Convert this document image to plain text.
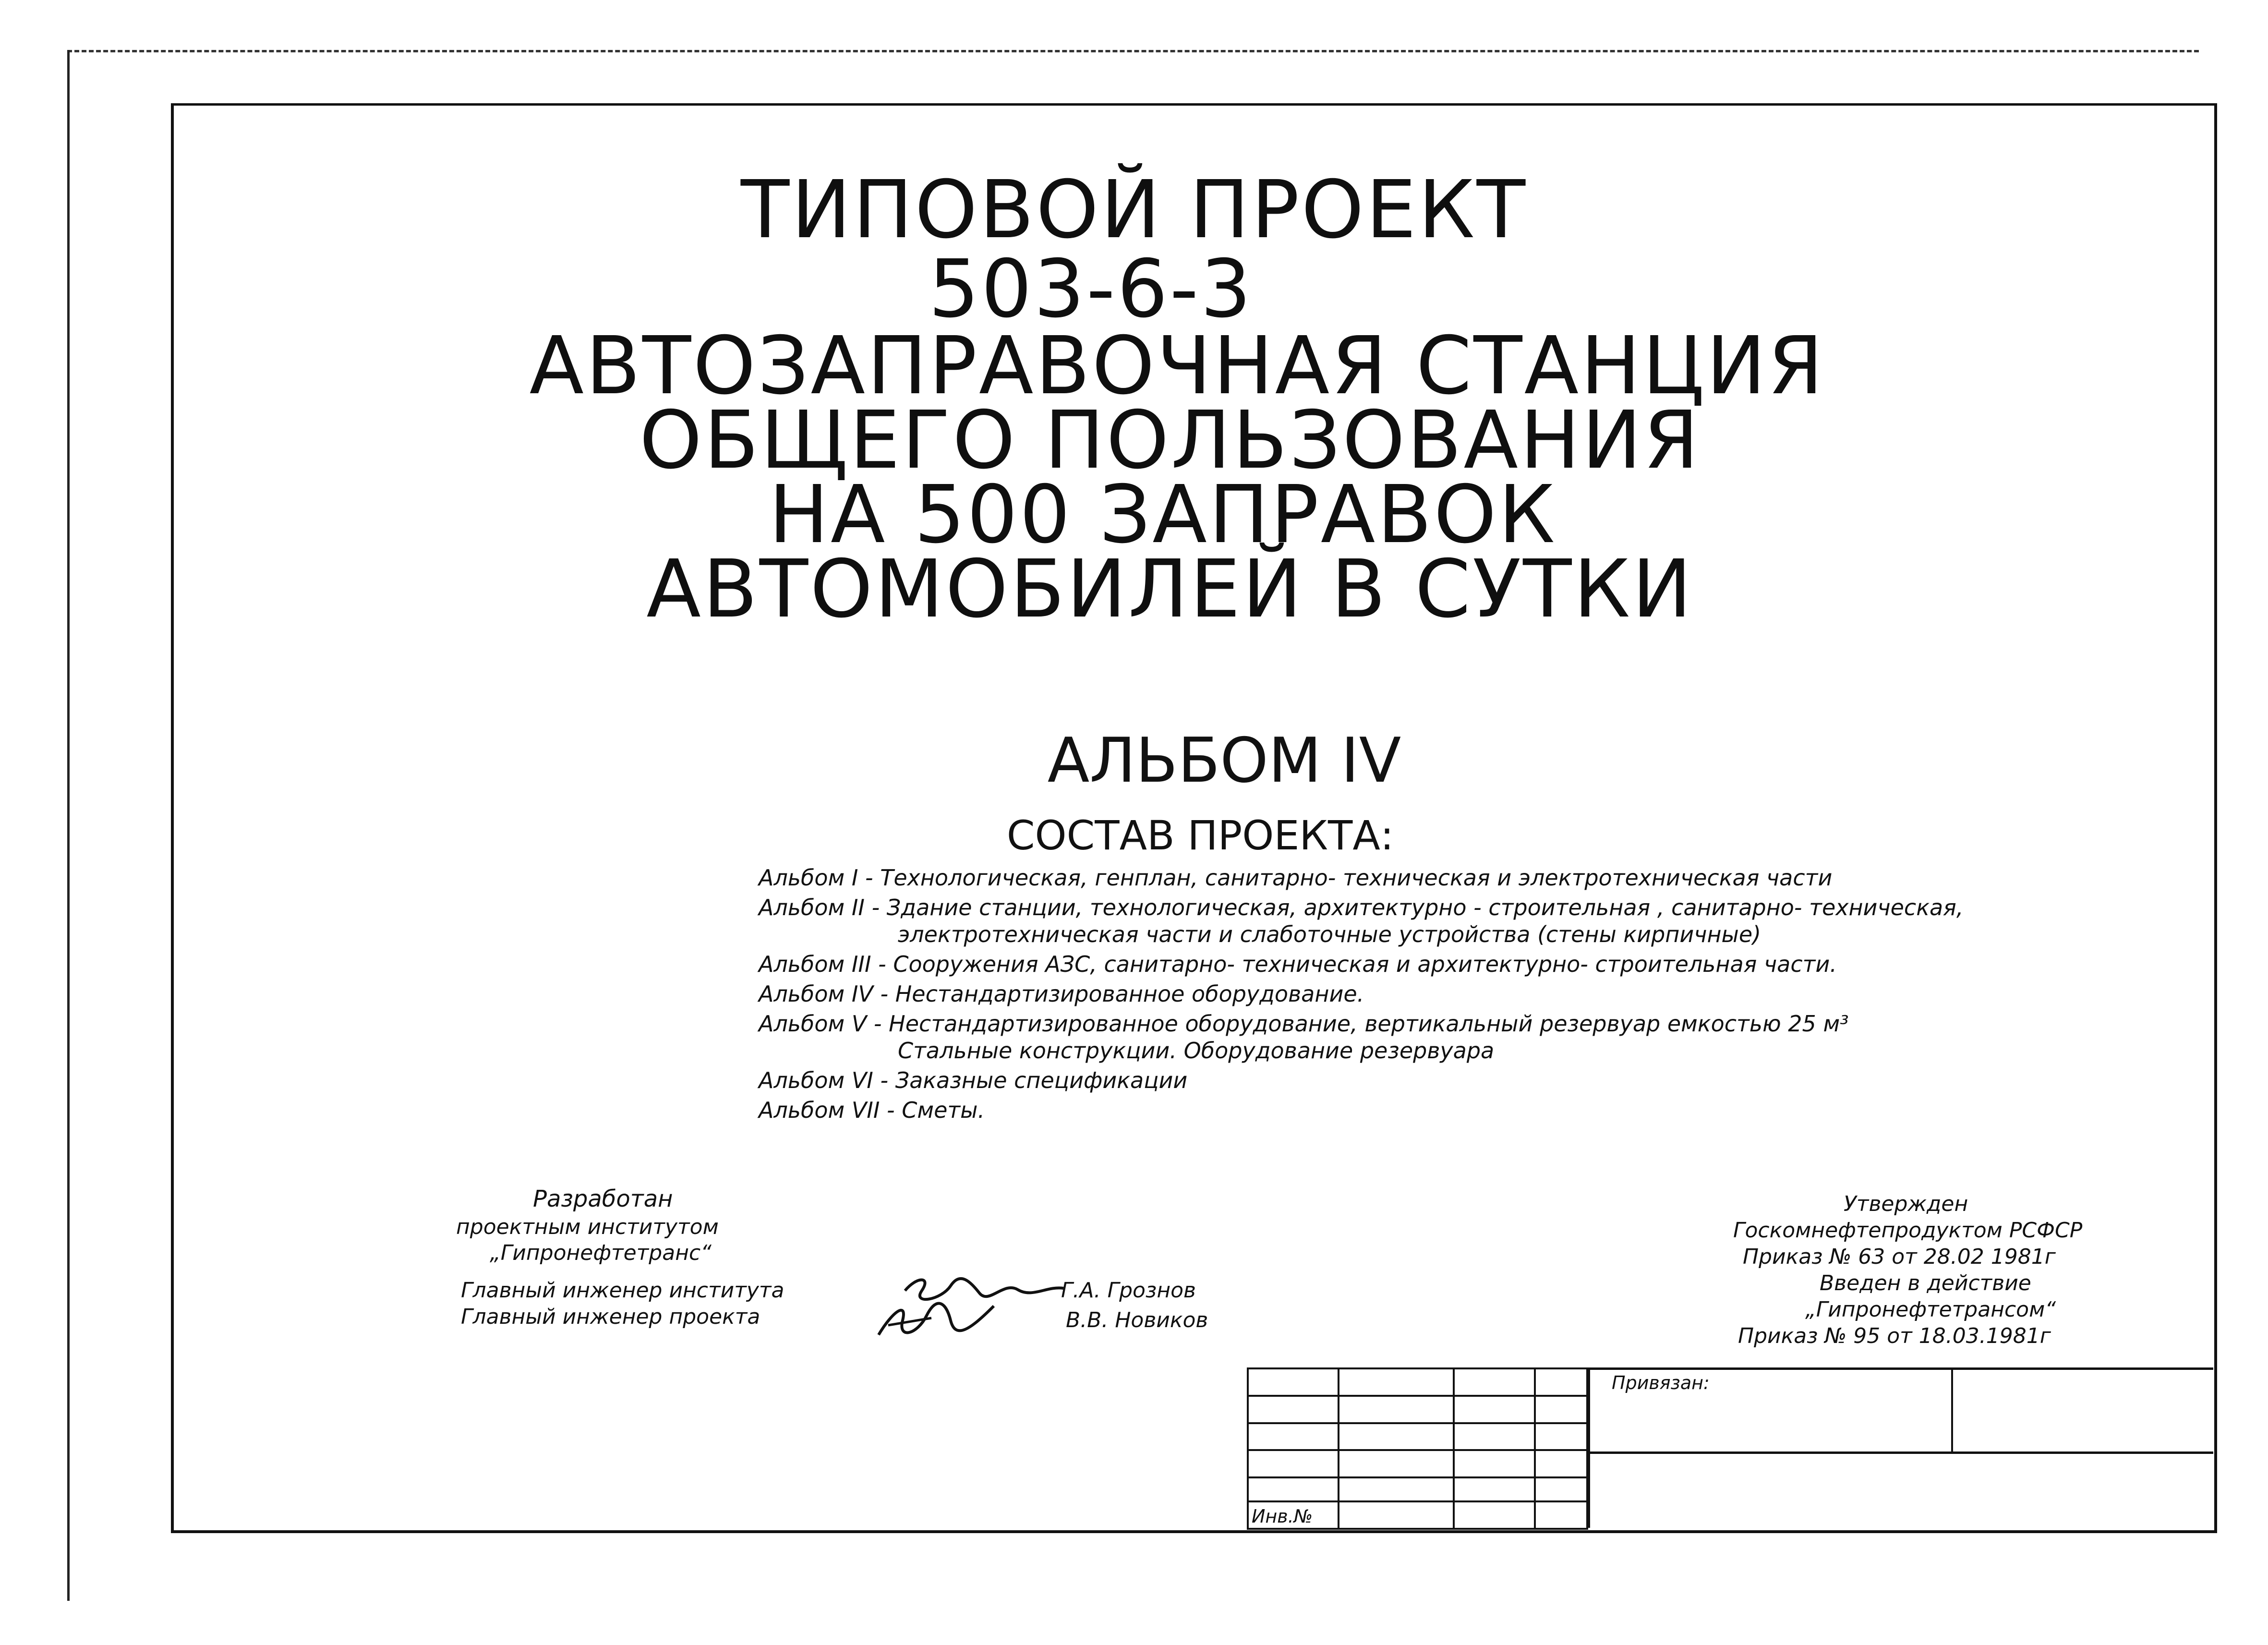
ТИПОВОЙ ПРОЕКТ
503-6-3
АВТОЗАПРАВОЧНАЯ СТАНЦИЯ
ОБЩЕГО ПОЛЬЗОВАНИЯ
НА 500 ЗАПРАВОК
АВТОМОБИЛЕЙ В СУТКИ
АЛЬБОМ IV
СОСТАВ ПРОЕКТА:
Альбом I - Технологическая, генплан, санитарно- техническая и электротехническая части
Альбом II - Здание станции, технологическая, архитектурно - строительная , санитарно- техническая,
электротехническая части и слаботочные устройства (стены кирпичные)
Альбом III - Сооружения АЗС, санитарно- техническая и архитектурно- строительная части.
Альбом IV - Нестандартизированное оборудование.
Альбом V - Нестандартизированное оборудование, вертикальный резервуар емкостью 25 м³
Стальные конструкции. Оборудование резервуара
Альбом VI - Заказные спецификации
Альбом VII - Сметы.
Разработан
проектным институтом
„Гипронефтетранс“
Главный инженер института	Г.А. Грознов
Главный инженер проекта	В.В. Новиков
Утвержден
Госкомнефтепродуктом РСФСР
Приказ № 63 от 28.02 1981г
Введен в действие
„Гипронефтетрансом“
Приказ № 95 от 18.03.1981г

Привязан:
Инв.№
